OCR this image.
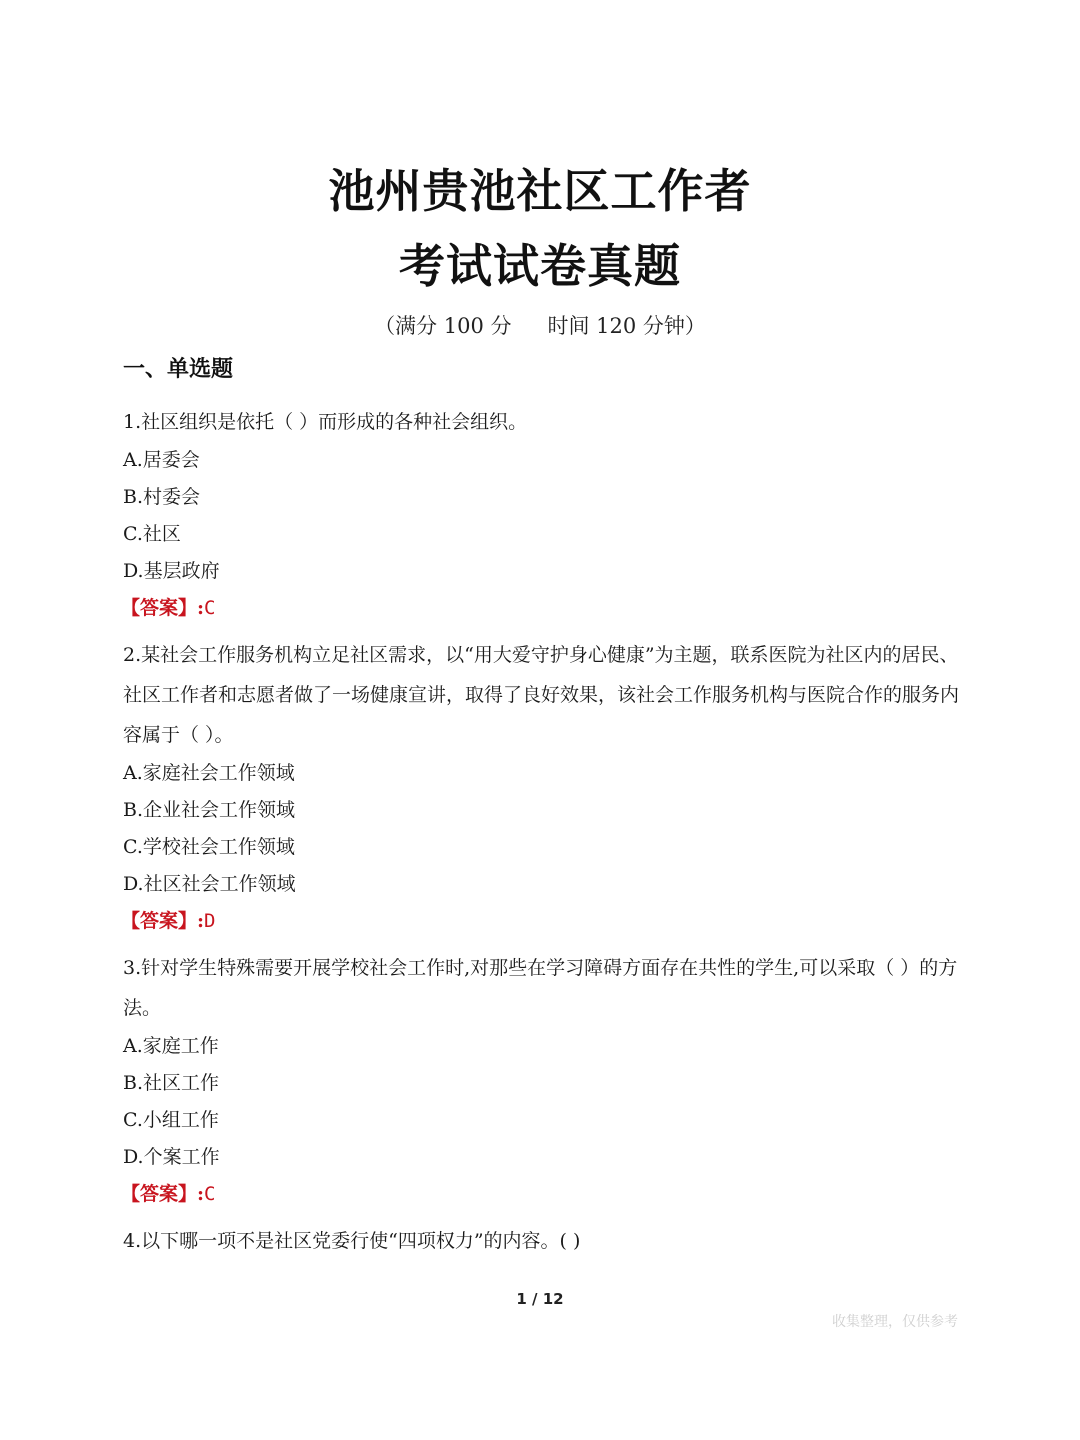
池州贵池社区工作者
考试试卷真题
（满分 100 分 时间 120 分钟）
一、单选题

1.社区组织是依托（ ）而形成的各种社会组织。

A.居委会

B.村委会

C.社区

D.基层政府

【答案】:C

2.某社会工作服务机构立足社区需求，以“用大爱守护身心健康”为主题，联系医院为社区内的居民、社区工作者和志愿者做了一场健康宣讲，取得了良好效果，该社会工作服务机构与医院合作的服务内容属于（ ）。

A.家庭社会工作领域

B.企业社会工作领域

C.学校社会工作领域

D.社区社会工作领域

【答案】:D

3.针对学生特殊需要开展学校社会工作时,对那些在学习障碍方面存在共性的学生,可以采取（ ）的方法。

A.家庭工作

B.社区工作

C.小组工作

D.个案工作

【答案】:C

4.以下哪一项不是社区党委行使“四项权力”的内容。( )

1 / 12
收集整理，仅供参考
